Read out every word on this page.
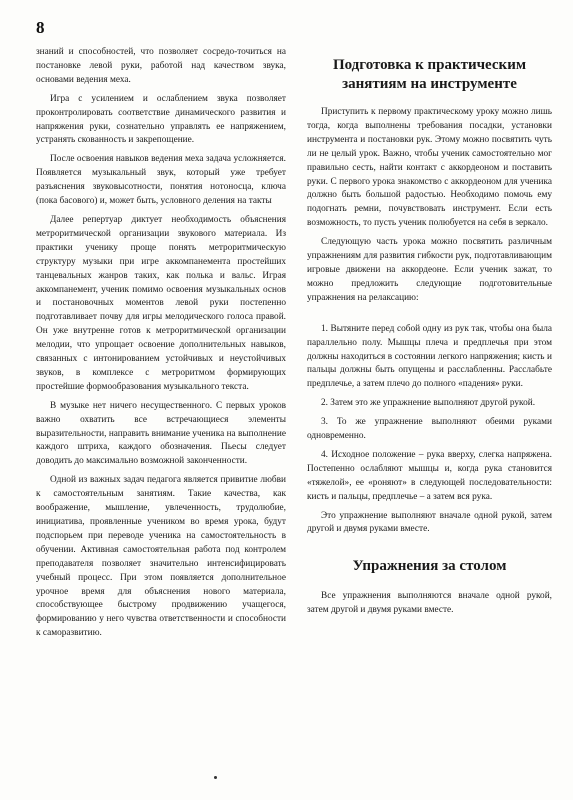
8

знаний и способностей, что позволяет сосредо-точиться на постановке левой руки, работой над качеством звука, основами ведения меха.

Игра с усилением и ослаблением звука позволяет проконтролировать соответствие динамического развития и напряжения руки, сознательно управлять ее напряжением, устранять скованность и закрепощение.

После освоения навыков ведения меха задача усложняется. Появляется музыкальный звук, который уже требует разъяснения звуковысотности, понятия нотоносца, ключа (пока басового) и, может быть, условного деления на такты

Далее репертуар диктует необходимость объяснения метроритмической организации звукового материала. Из практики ученику проще понять метроритмическую структуру музыки при игре аккомпанемента простейших танцевальных жанров таких, как полька и вальс. Играя аккомпанемент, ученик помимо освоения музыкальных основ и постановочных моментов левой руки постепенно подготавливает почву для игры мелодического голоса правой. Он уже внутренне готов к метроритмической организации мелодии, что упрощает освоение дополнительных навыков, связанных с интонированием устойчивых и неустойчивых звуков, в комплексе с метроритмом формирующих простейшие формообразования музыкального текста.

В музыке нет ничего несущественного. С первых уроков важно охватить все встречающиеся элементы выразительности, направить внимание ученика на выполнение каждого штриха, каждого обозначения. Пьесы следует доводить до максимально возможной законченности.

Одной из важных задач педагога является привитие любви к самостоятельным занятиям. Такие качества, как воображение, мышление, увлеченность, трудолюбие, инициатива, проявленные учеником во время урока, будут подспорьем при переводе ученика на самостоятельность в обучении. Активная самостоятельная работа под контролем преподавателя позволяет значительно интенсифицировать учебный процесс. При этом появляется дополнительное урочное время для объяснения нового материала, способствующее быстрому продвижению учащегося, формированию у него чувства ответственности и способности к саморазвитию.

Подготовка к практическим занятиям на инструменте

Приступить к первому практическому уроку можно лишь тогда, когда выполнены требования посадки, установки инструмента и постановки рук. Этому можно посвятить чуть ли не целый урок. Важно, чтобы ученик самостоятельно мог правильно сесть, найти контакт с аккордеоном и поставить руки. С первого урока знакомство с аккордеоном для ученика должно быть большой радостью. Необходимо помочь ему подогнать ремни, почувствовать инструмент. Если есть возможность, то пусть ученик полюбуется на себя в зеркало.

Следующую часть урока можно посвятить различным упражнениям для развития гибкости рук, подготавливающим игровые движени на аккордеоне. Если ученик зажат, то можно предложить следующие подготовительные упражнения на релаксацию:

1. Вытяните перед собой одну из рук так, чтобы она была параллельно полу. Мышцы плеча и предплечья при этом должны находиться в состоянии легкого напряжения; кисть и пальцы должны быть опущены и расслабленны. Расслабьте предплечье, а затем плечо до полного «падения» руки.

2. Затем это же упражнение выполняют другой рукой.

3. То же упражнение выполняют обеими руками одновременно.

4. Исходное положение – рука вверху, слегка напряжена. Постепенно ослабляют мышцы и, когда рука становится «тяжелой», ее «роняют» в следующей последовательности: кисть и пальцы, предплечье – а затем вся рука.

Это упражнение выполняют вначале одной рукой, затем другой и двумя руками вместе.

Упражнения за столом

Все упражнения выполняются вначале одной рукой, затем другой и двумя руками вместе.
